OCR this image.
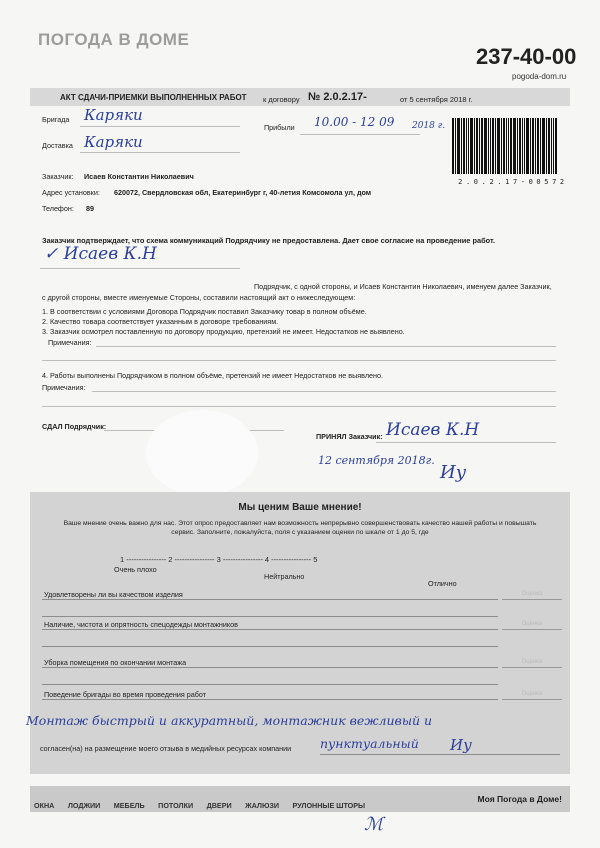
ПОГОДА В ДОМЕ
237-40-00
pogoda-dom.ru
АКТ СДАЧИ-ПРИЕМКИ ВЫПОЛНЕННЫХ РАБОТ к договору № 2.0.2.17-	от 5 сентября 2018 г.
Бригада Каряки
Прибыли 10.00 - 12 09 2018 г.
Доставка Каряки
Заказчик: Исаев Константин Николаевич
Адрес установки: 620072, Свердловская обл, Екатеринбург г, 40-летия Комсомола ул, дом
Телефон: 89
2 . 0 . 2 . 1 7 - 0 0 5 7 2
Заказчик подтверждает, что схема коммуникаций Подрядчику не предоставлена. Дает свое согласие на проведение работ.
✓ Исаев К.Н
Подрядчик, с одной стороны, и Исаев Константин Николаевич, именуем далее Заказчик,
с другой стороны, вместе именуемые Стороны, составили настоящий акт о нижеследующем:
1. В соответствии с условиями Договора Подрядчик поставил Заказчику товар в полном объёме.
2. Качество товара соответствует указанным в договоре требованиям.
3. Заказчик осмотрел поставленную по договору продукцию, претензий не имеет. Недостатков не выявлено.
Примечания:
4. Работы выполнены Подрядчиком в полном объёме, претензий не имеет Недостатков не выявлено.
Примечания:
СДАЛ Подрядчик:
ПРИНЯЛ Заказчик: Исаев К.Н
12 сентября 2018г.
Иу
Мы ценим Ваше мнение!
Ваше мнение очень важно для нас. Этот опрос предоставляет нам возможность непрерывно совершенствовать качество нашей работы и повышать сервис. Заполните, пожалуйста, поля с указанием оценки по шкале от 1 до 5, где
1 ---------------- 2 ---------------- 3 ---------------- 4 ---------------- 5
Очень плохо
Нейтрально
Отлично
Удовлетворены ли вы качеством изделия	Оценка
Наличие, чистота и опрятность спецодежды монтажников	Оценка
Уборка помещения по окончании монтажа	Оценка
Поведение бригады во время проведения работ	Оценка
Монтаж быстрый и аккуратный, монтажник вежливый и
согласен(на) на размещение моего отзыва в медийных ресурсах компании пунктуальный Иу
ОКНА ЛОДЖИИ МЕБЕЛЬ ПОТОЛКИ ДВЕРИ ЖАЛЮЗИ РУЛОННЫЕ ШТОРЫ
Моя Погода в Доме!
ℳ
